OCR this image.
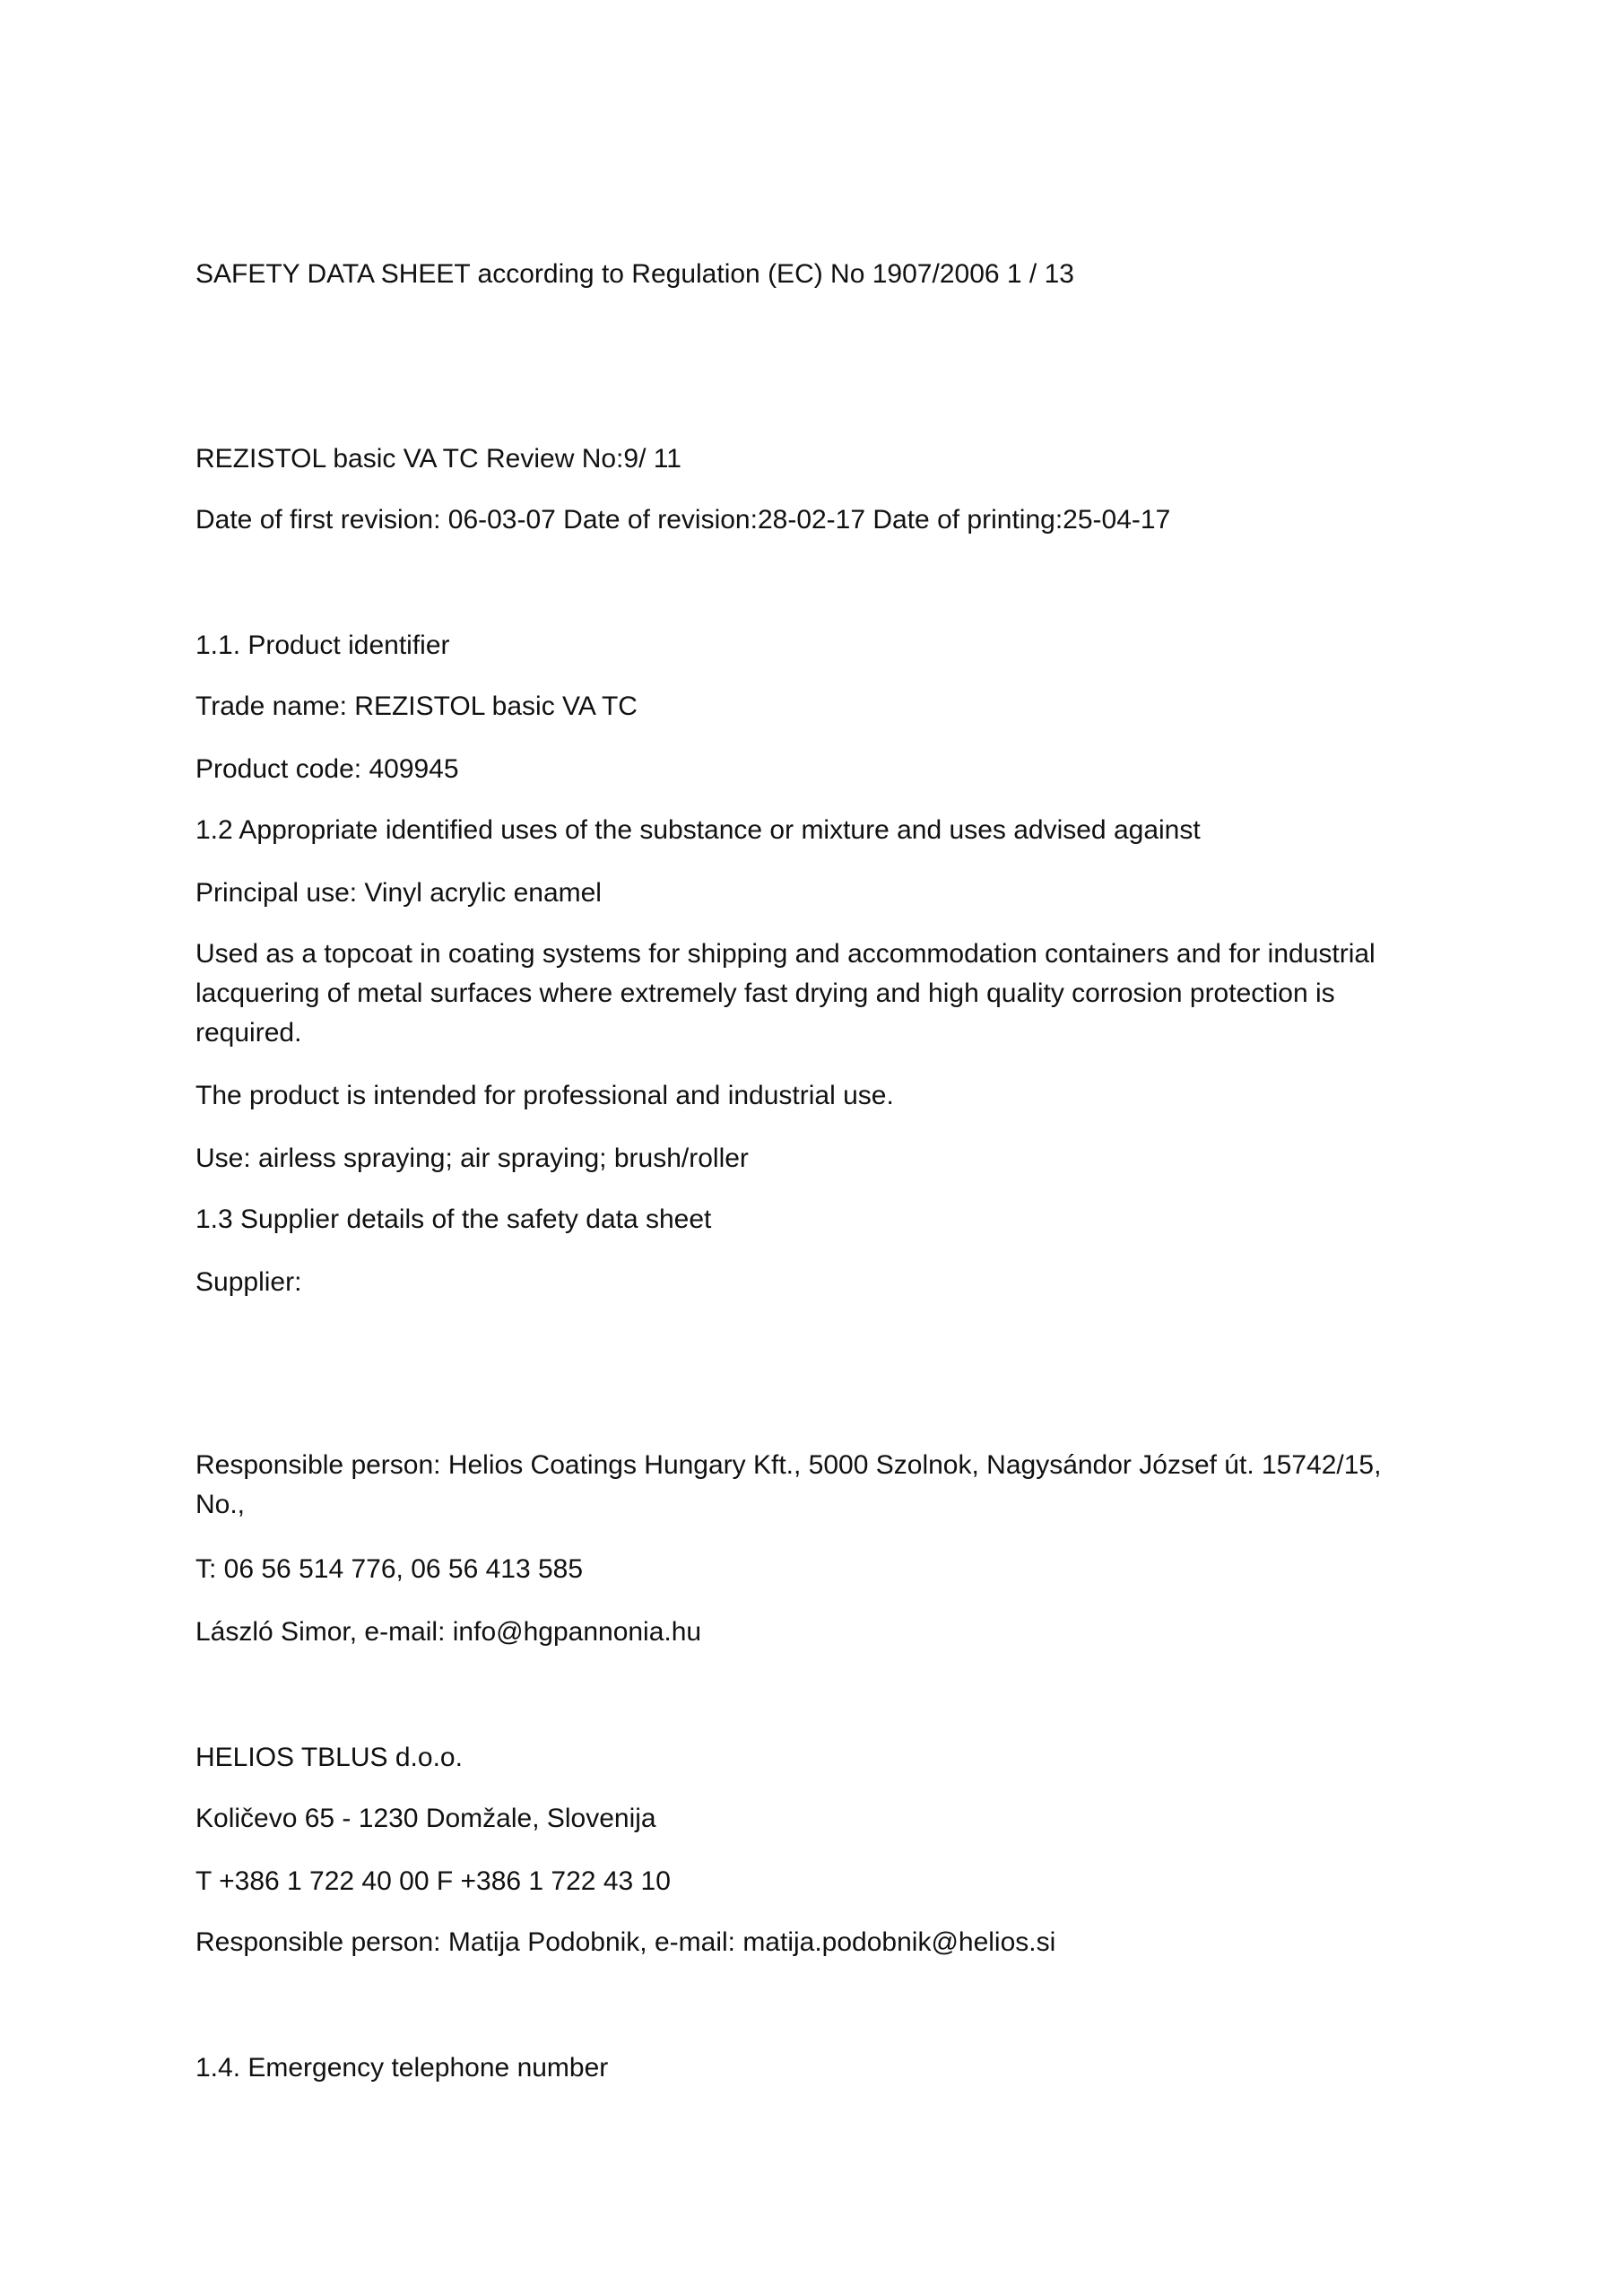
SAFETY DATA SHEET according to Regulation (EC) No 1907/2006 1 / 13

REZISTOL basic VA TC Review No:9/ 11

Date of first revision: 06-03-07 Date of revision:28-02-17 Date of printing:25-04-17

1.1. Product identifier

Trade name: REZISTOL basic VA TC

Product code: 409945

1.2 Appropriate identified uses of the substance or mixture and uses advised against

Principal use: Vinyl acrylic enamel

Used as a topcoat in coating systems for shipping and accommodation containers and for industrial
lacquering of metal surfaces where extremely fast drying and high quality corrosion protection is
required.

The product is intended for professional and industrial use.

Use: airless spraying; air spraying; brush/roller

1.3 Supplier details of the safety data sheet

Supplier:

Responsible person: Helios Coatings Hungary Kft., 5000 Szolnok, Nagysándor József út. 15742/15,
No.,

T: 06 56 514 776, 06 56 413 585

László Simor, e-mail: info@hgpannonia.hu

HELIOS TBLUS d.o.o.

Količevo 65 - 1230 Domžale, Slovenija

T +386 1 722 40 00 F +386 1 722 43 10

Responsible person: Matija Podobnik, e-mail: matija.podobnik@helios.si

1.4. Emergency telephone number
